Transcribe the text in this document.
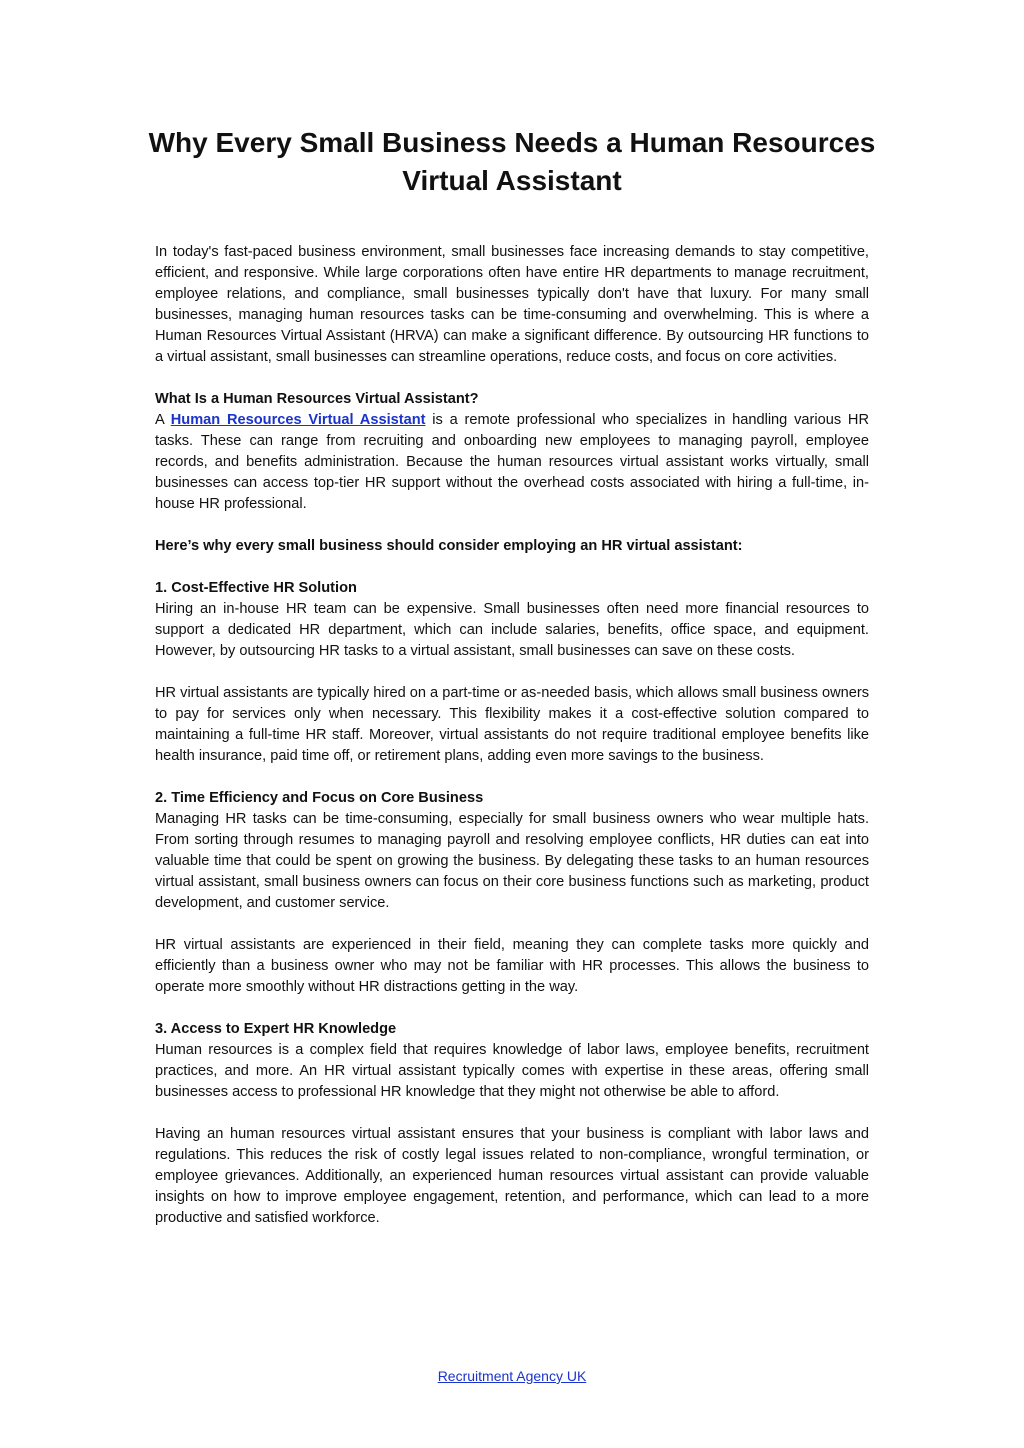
Why Every Small Business Needs a Human Resources Virtual Assistant

In today's fast-paced business environment, small businesses face increasing demands to stay competitive, efficient, and responsive. While large corporations often have entire HR departments to manage recruitment, employee relations, and compliance, small businesses typically don't have that luxury. For many small businesses, managing human resources tasks can be time-consuming and overwhelming. This is where a Human Resources Virtual Assistant (HRVA) can make a significant difference. By outsourcing HR functions to a virtual assistant, small businesses can streamline operations, reduce costs, and focus on core activities.

What Is a Human Resources Virtual Assistant?
A Human Resources Virtual Assistant is a remote professional who specializes in handling various HR tasks. These can range from recruiting and onboarding new employees to managing payroll, employee records, and benefits administration. Because the human resources virtual assistant works virtually, small businesses can access top-tier HR support without the overhead costs associated with hiring a full-time, in-house HR professional.

Here’s why every small business should consider employing an HR virtual assistant:

1. Cost-Effective HR Solution
Hiring an in-house HR team can be expensive. Small businesses often need more financial resources to support a dedicated HR department, which can include salaries, benefits, office space, and equipment. However, by outsourcing HR tasks to a virtual assistant, small businesses can save on these costs.

HR virtual assistants are typically hired on a part-time or as-needed basis, which allows small business owners to pay for services only when necessary. This flexibility makes it a cost-effective solution compared to maintaining a full-time HR staff. Moreover, virtual assistants do not require traditional employee benefits like health insurance, paid time off, or retirement plans, adding even more savings to the business.

2. Time Efficiency and Focus on Core Business
Managing HR tasks can be time-consuming, especially for small business owners who wear multiple hats. From sorting through resumes to managing payroll and resolving employee conflicts, HR duties can eat into valuable time that could be spent on growing the business. By delegating these tasks to an human resources virtual assistant, small business owners can focus on their core business functions such as marketing, product development, and customer service.

HR virtual assistants are experienced in their field, meaning they can complete tasks more quickly and efficiently than a business owner who may not be familiar with HR processes. This allows the business to operate more smoothly without HR distractions getting in the way.

3. Access to Expert HR Knowledge
Human resources is a complex field that requires knowledge of labor laws, employee benefits, recruitment practices, and more. An HR virtual assistant typically comes with expertise in these areas, offering small businesses access to professional HR knowledge that they might not otherwise be able to afford.

Having an human resources virtual assistant ensures that your business is compliant with labor laws and regulations. This reduces the risk of costly legal issues related to non-compliance, wrongful termination, or employee grievances. Additionally, an experienced human resources virtual assistant can provide valuable insights on how to improve employee engagement, retention, and performance, which can lead to a more productive and satisfied workforce.

Recruitment Agency UK
